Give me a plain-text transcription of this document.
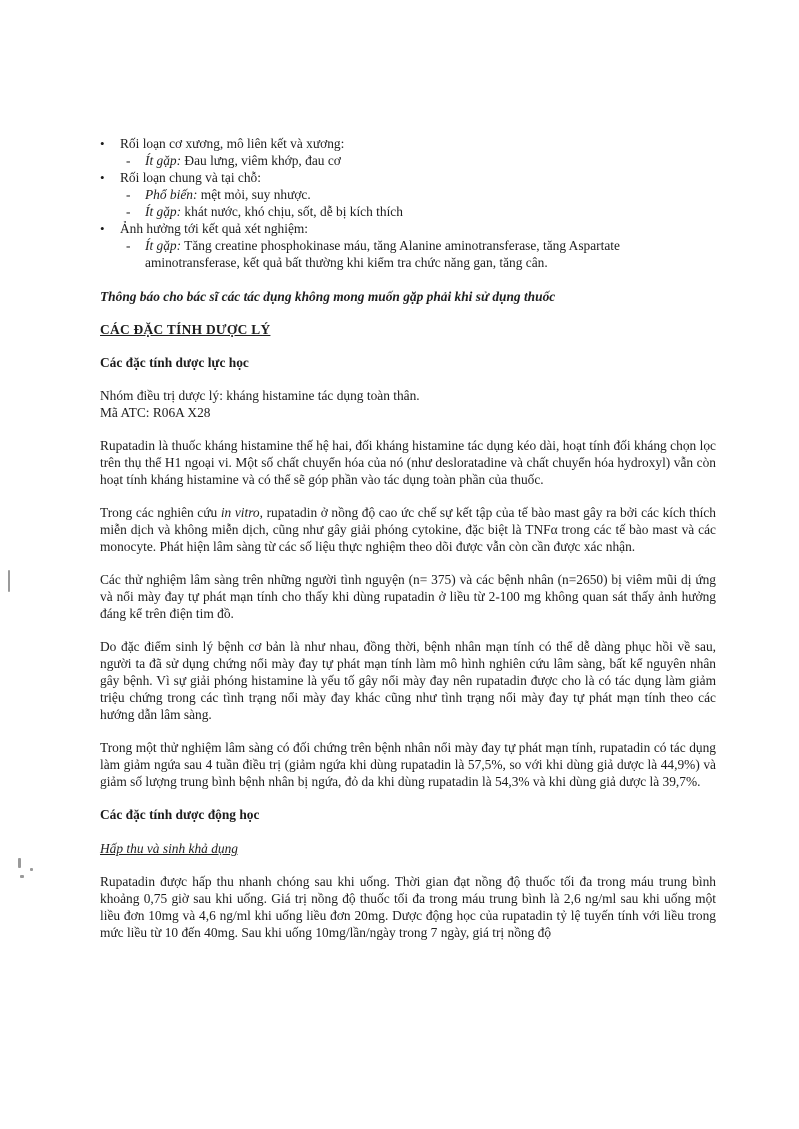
• Rối loạn cơ xương, mô liên kết và xương:
- Ít gặp: Đau lưng, viêm khớp, đau cơ
• Rối loạn chung và tại chỗ:
- Phổ biến: mệt mỏi, suy nhược.
- Ít gặp: khát nước, khó chịu, sốt, dễ bị kích thích
• Ảnh hưởng tới kết quả xét nghiệm:
- Ít gặp: Tăng creatine phosphokinase máu, tăng Alanine aminotransferase, tăng Aspartate aminotransferase, kết quả bất thường khi kiểm tra chức năng gan, tăng cân.
Thông báo cho bác sĩ các tác dụng không mong muốn gặp phải khi sử dụng thuốc
CÁC ĐẶC TÍNH DƯỢC LÝ
Các đặc tính dược lực học

Nhóm điều trị dược lý: kháng histamine tác dụng toàn thân.
Mã ATC: R06A X28

Rupatadin là thuốc kháng histamine thế hệ hai, đối kháng histamine tác dụng kéo dài, hoạt tính đối kháng chọn lọc trên thụ thể H1 ngoại vi. Một số chất chuyển hóa của nó (như desloratadine và chất chuyển hóa hydroxyl) vẫn còn hoạt tính kháng histamine và có thể sẽ góp phần vào tác dụng toàn phần của thuốc.

Trong các nghiên cứu in vitro, rupatadin ở nồng độ cao ức chế sự kết tập của tế bào mast gây ra bởi các kích thích miễn dịch và không miễn dịch, cũng như gây giải phóng cytokine, đặc biệt là TNFα trong các tế bào mast và các monocyte. Phát hiện lâm sàng từ các số liệu thực nghiệm theo dõi được vẫn còn cần được xác nhận.

Các thử nghiệm lâm sàng trên những người tình nguyện (n= 375) và các bệnh nhân (n=2650) bị viêm mũi dị ứng và nổi mày đay tự phát mạn tính cho thấy khi dùng rupatadin ở liều từ 2-100 mg không quan sát thấy ảnh hưởng đáng kể trên điện tim đồ.

Do đặc điểm sinh lý bệnh cơ bản là như nhau, đồng thời, bệnh nhân mạn tính có thể dễ dàng phục hồi về sau, người ta đã sử dụng chứng nổi mày đay tự phát mạn tính làm mô hình nghiên cứu lâm sàng, bất kể nguyên nhân gây bệnh. Vì sự giải phóng histamine là yếu tố gây nổi mày đay nên rupatadin được cho là có tác dụng làm giảm triệu chứng trong các tình trạng nổi mày đay khác cũng như tình trạng nổi mày đay tự phát mạn tính theo các hướng dẫn lâm sàng.

Trong một thử nghiệm lâm sàng có đối chứng trên bệnh nhân nổi mày đay tự phát mạn tính, rupatadin có tác dụng làm giảm ngứa sau 4 tuần điều trị (giảm ngứa khi dùng rupatadin là 57,5%, so với khi dùng giả dược là 44,9%) và giảm số lượng trung bình bệnh nhân bị ngứa, đỏ da khi dùng rupatadin là 54,3% và khi dùng giả dược là 39,7%.

Các đặc tính dược động học
Hấp thu và sinh khả dụng

Rupatadin được hấp thu nhanh chóng sau khi uống. Thời gian đạt nồng độ thuốc tối đa trong máu trung bình khoảng 0,75 giờ sau khi uống. Giá trị nồng độ thuốc tối đa trong máu trung bình là 2,6 ng/ml sau khi uống một liều đơn 10mg và 4,6 ng/ml khi uống liều đơn 20mg. Dược động học của rupatadin tỷ lệ tuyến tính với liều trong mức liều từ 10 đến 40mg. Sau khi uống 10mg/lần/ngày trong 7 ngày, giá trị nồng độ
